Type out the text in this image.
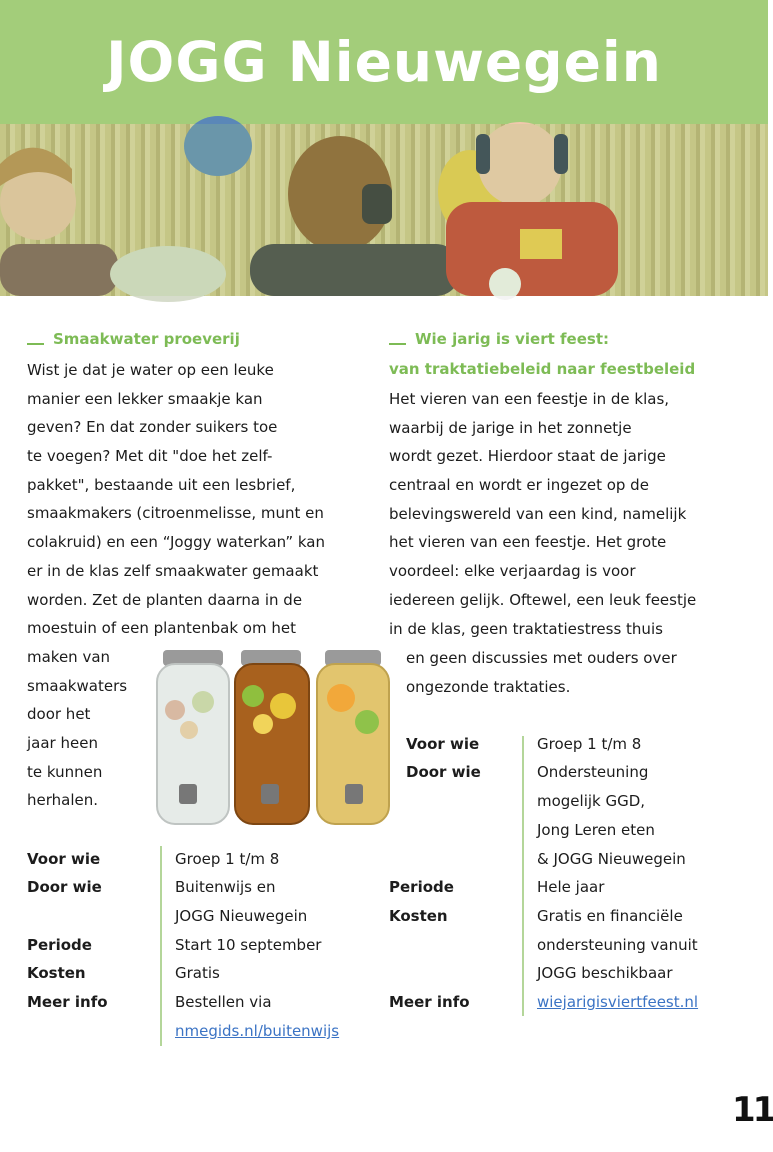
JOGG Nieuwegein
Smaakwater proeverij
Wist je dat je water op een leuke
manier een lekker smaakje kan
geven? En dat zonder suikers toe
te voegen? Met dit "doe het zelf-
pakket", bestaande uit een lesbrief,
smaakmakers (citroenmelisse, munt en
colakruid) en een “Joggy waterkan” kan
er in de klas zelf smaakwater gemaakt
worden. Zet de planten daarna in de
moestuin of een plantenbak om het
maken van
smaakwaters
door het
jaar heen
te kunnen
herhalen.
Voor wie	Groep 1 t/m 8
Door wie	Buitenwijs en
JOGG Nieuwegein
Periode	Start 10 september
Kosten	Gratis
Meer info	Bestellen via
nmegids.nl/buitenwijs
Wie jarig is viert feest:
van traktatiebeleid naar feestbeleid
Het vieren van een feestje in de klas,
waarbij de jarige in het zonnetje
wordt gezet. Hierdoor staat de jarige
centraal en wordt er ingezet op de
belevingswereld van een kind, namelijk
het vieren van een feestje. Het grote
voordeel: elke verjaardag is voor
iedereen gelijk. Oftewel, een leuk feestje
in de klas, geen traktatiestress thuis
en geen discussies met ouders over
ongezonde traktaties.
Voor wie	Groep 1 t/m 8
Door wie	Ondersteuning
mogelijk GGD,
Jong Leren eten
& JOGG Nieuwegein
Periode	Hele jaar
Kosten	Gratis en financiële
ondersteuning vanuit
JOGG beschikbaar
Meer info	wiejarigisviertfeest.nl
11
